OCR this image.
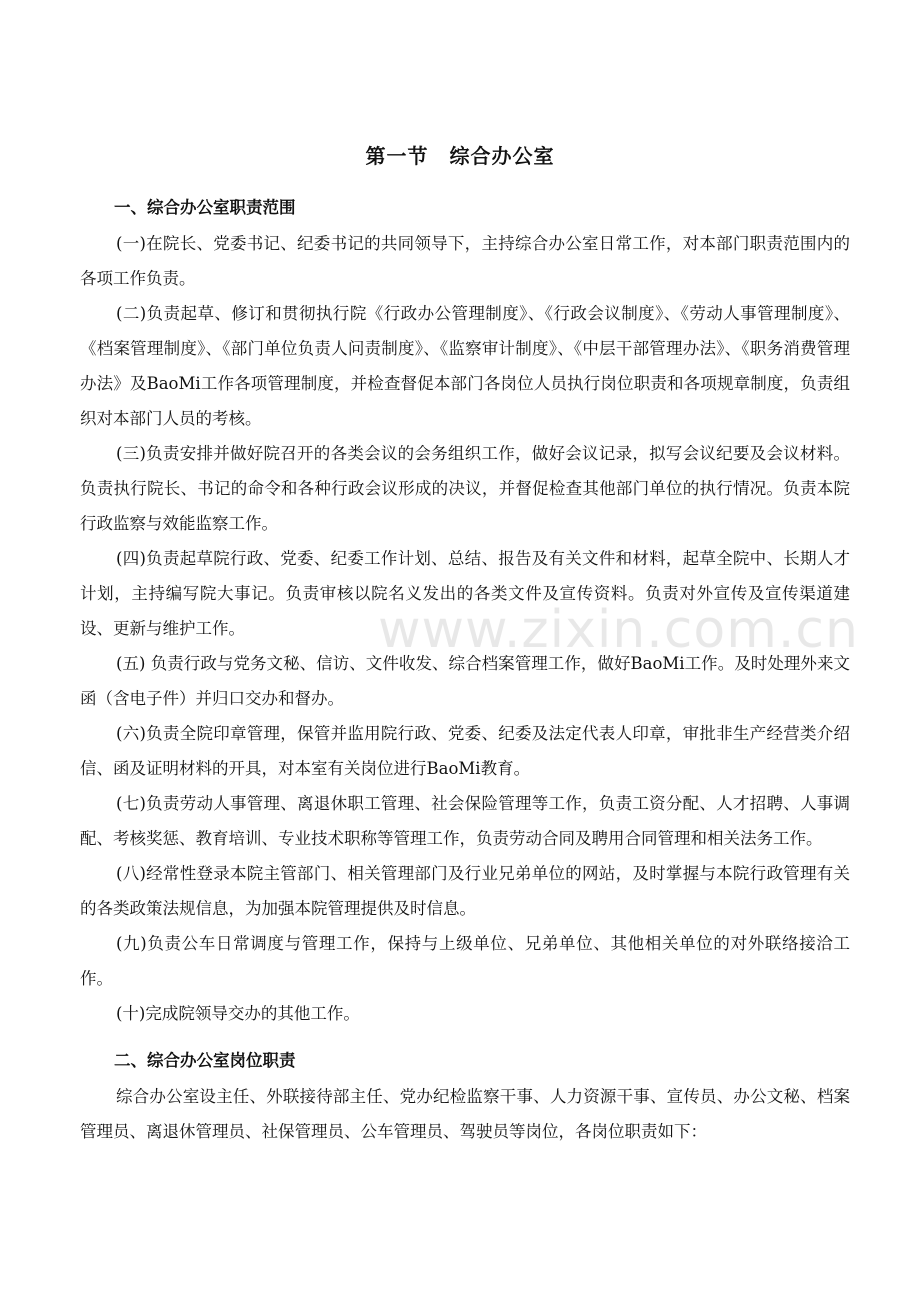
第一节　综合办公室

一、综合办公室职责范围

(一)在院长、党委书记、纪委书记的共同领导下，主持综合办公室日常工作，对本部门职责范围内的各项工作负责。

(二)负责起草、修订和贯彻执行院《行政办公管理制度》、《行政会议制度》、《劳动人事管理制度》、《档案管理制度》、《部门单位负责人问责制度》、《监察审计制度》、《中层干部管理办法》、《职务消费管理办法》及BaoMi工作各项管理制度，并检查督促本部门各岗位人员执行岗位职责和各项规章制度，负责组织对本部门人员的考核。

(三)负责安排并做好院召开的各类会议的会务组织工作，做好会议记录，拟写会议纪要及会议材料。负责执行院长、书记的命令和各种行政会议形成的决议，并督促检查其他部门单位的执行情况。负责本院行政监察与效能监察工作。

(四)负责起草院行政、党委、纪委工作计划、总结、报告及有关文件和材料，起草全院中、长期人才计划，主持编写院大事记。负责审核以院名义发出的各类文件及宣传资料。负责对外宣传及宣传渠道建设、更新与维护工作。

(五) 负责行政与党务文秘、信访、文件收发、综合档案管理工作，做好BaoMi工作。及时处理外来文函（含电子件）并归口交办和督办。

(六)负责全院印章管理，保管并监用院行政、党委、纪委及法定代表人印章，审批非生产经营类介绍信、函及证明材料的开具，对本室有关岗位进行BaoMi教育。

(七)负责劳动人事管理、离退休职工管理、社会保险管理等工作，负责工资分配、人才招聘、人事调配、考核奖惩、教育培训、专业技术职称等管理工作，负责劳动合同及聘用合同管理和相关法务工作。

(八)经常性登录本院主管部门、相关管理部门及行业兄弟单位的网站，及时掌握与本院行政管理有关的各类政策法规信息，为加强本院管理提供及时信息。

(九)负责公车日常调度与管理工作，保持与上级单位、兄弟单位、其他相关单位的对外联络接洽工作。

(十)完成院领导交办的其他工作。

二、综合办公室岗位职责

综合办公室设主任、外联接待部主任、党办纪检监察干事、人力资源干事、宣传员、办公文秘、档案管理员、离退休管理员、社保管理员、公车管理员、驾驶员等岗位，各岗位职责如下：

www.zixin.com.cn
